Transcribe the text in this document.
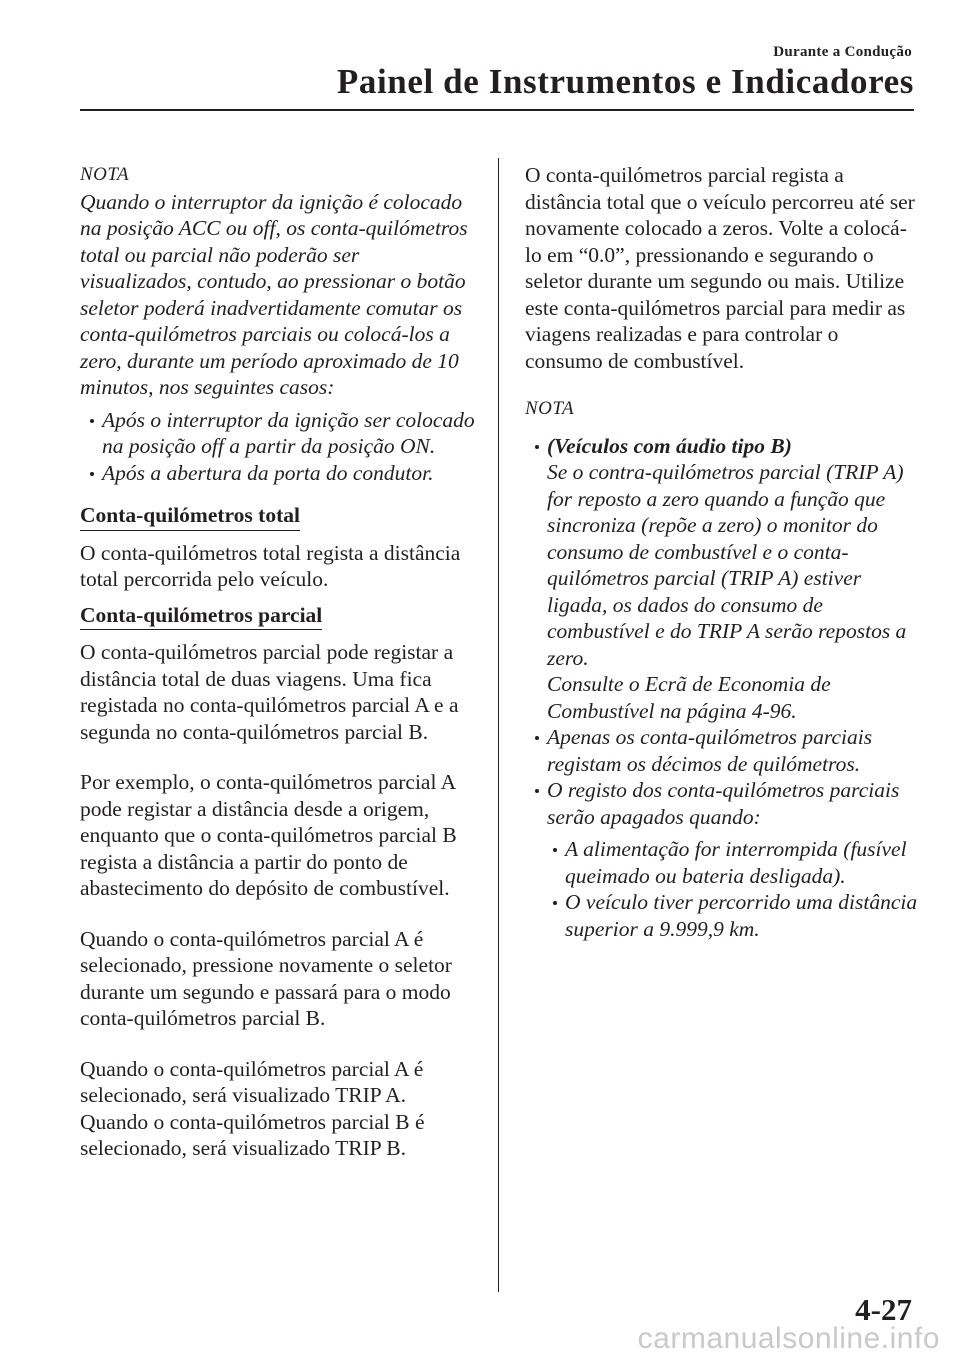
Durante a Condução
Painel de Instrumentos e Indicadores

NOTA

Quando o interruptor da ignição é colocado na posição ACC ou off, os conta-quilómetros total ou parcial não poderão ser visualizados, contudo, ao pressionar o botão seletor poderá inadvertidamente comutar os conta-quilómetros parciais ou colocá-los a zero, durante um período aproximado de 10 minutos, nos seguintes casos:

Após o interruptor da ignição ser colocado na posição off a partir da posição ON.
Após a abertura da porta do condutor.

Conta-quilómetros total

O conta-quilómetros total regista a distância total percorrida pelo veículo.

Conta-quilómetros parcial

O conta-quilómetros parcial pode registar a distância total de duas viagens. Uma fica registada no conta-quilómetros parcial A e a segunda no conta-quilómetros parcial B.

Por exemplo, o conta-quilómetros parcial A pode registar a distância desde a origem, enquanto que o conta-quilómetros parcial B regista a distância a partir do ponto de abastecimento do depósito de combustível.

Quando o conta-quilómetros parcial A é selecionado, pressione novamente o seletor durante um segundo e passará para o modo conta-quilómetros parcial B.

Quando o conta-quilómetros parcial A é selecionado, será visualizado TRIP A. Quando o conta-quilómetros parcial B é selecionado, será visualizado TRIP B.

O conta-quilómetros parcial regista a distância total que o veículo percorreu até ser novamente colocado a zeros. Volte a colocá-lo em “0.0”, pressionando e segurando o seletor durante um segundo ou mais. Utilize este conta-quilómetros parcial para medir as viagens realizadas e para controlar o consumo de combustível.

NOTA

(Veículos com áudio tipo B)
Se o contra-quilómetros parcial (TRIP A) for reposto a zero quando a função que sincroniza (repõe a zero) o monitor do consumo de combustível e o conta-quilómetros parcial (TRIP A) estiver ligada, os dados do consumo de combustível e do TRIP A serão repostos a zero.
Consulte o Ecrã de Economia de Combustível na página 4-96.
Apenas os conta-quilómetros parciais registam os décimos de quilómetros.
O registo dos conta-quilómetros parciais serão apagados quando:
A alimentação for interrompida (fusível queimado ou bateria desligada).
O veículo tiver percorrido uma distância superior a 9.999,9 km.
4-27
carmanualsonline.info
